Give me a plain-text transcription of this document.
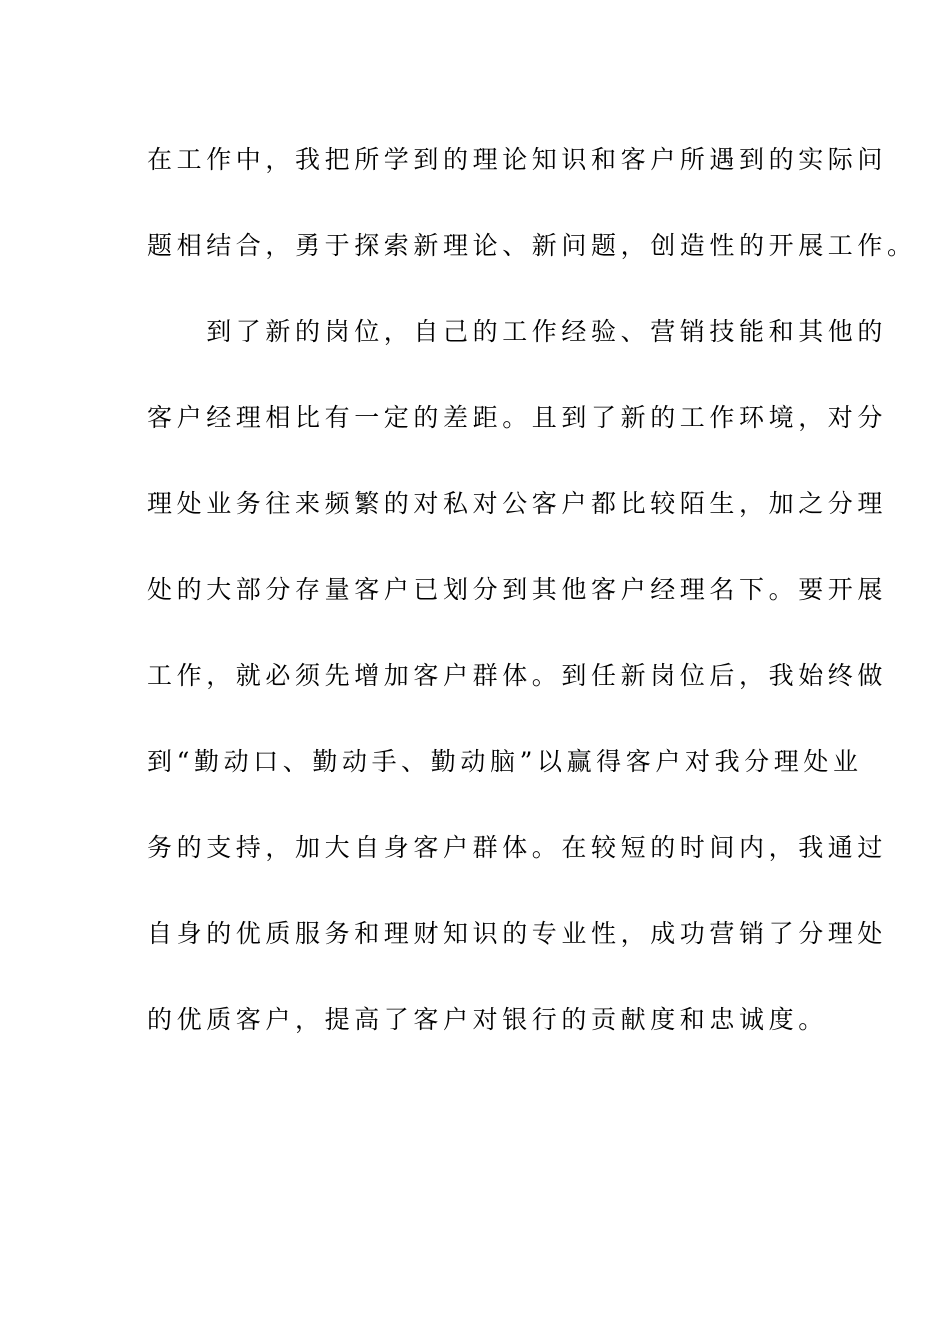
在工作中，我把所学到的理论知识和客户所遇到的实际问

题相结合，勇于探索新理论、新问题，创造性的开展工作。

　　到了新的岗位，自己的工作经验、营销技能和其他的

客户经理相比有一定的差距。且到了新的工作环境，对分

理处业务往来频繁的对私对公客户都比较陌生，加之分理

处的大部分存量客户已划分到其他客户经理名下。要开展

工作，就必须先增加客户群体。到任新岗位后，我始终做

到“勤动口、勤动手、勤动脑”以赢得客户对我分理处业

务的支持，加大自身客户群体。在较短的时间内，我通过

自身的优质服务和理财知识的专业性，成功营销了分理处

的优质客户，提高了客户对银行的贡献度和忠诚度。
